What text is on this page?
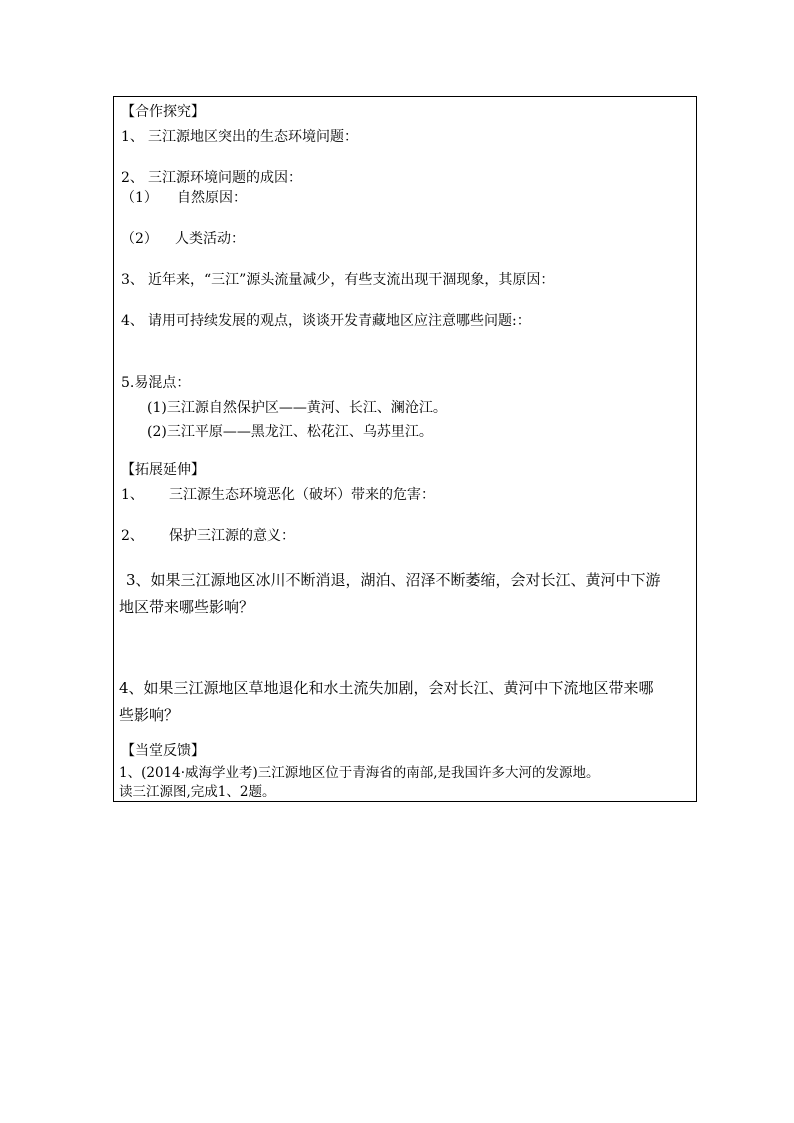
【合作探究】
1、 三江源地区突出的生态环境问题：
2、 三江源环境问题的成因：
（1） 自然原因：
（2） 人类活动：
3、 近年来，“三江”源头流量减少，有些支流出现干涸现象，其原因：
4、 请用可持续发展的观点，谈谈开发青藏地区应注意哪些问题:：
5.易混点：
(1)三江源自然保护区——黄河、长江、澜沧江。
(2)三江平原——黑龙江、松花江、乌苏里江。
【拓展延伸】
1、 三江源生态环境恶化（破坏）带来的危害：
2、 保护三江源的意义：
3、如果三江源地区冰川不断消退，湖泊、沼泽不断萎缩，会对长江、黄河中下游
地区带来哪些影响？
4、如果三江源地区草地退化和水土流失加剧，会对长江、黄河中下流地区带来哪
些影响？
【当堂反馈】
1、(2014·威海学业考)三江源地区位于青海省的南部,是我国许多大河的发源地。
读三江源图,完成1、2题。
